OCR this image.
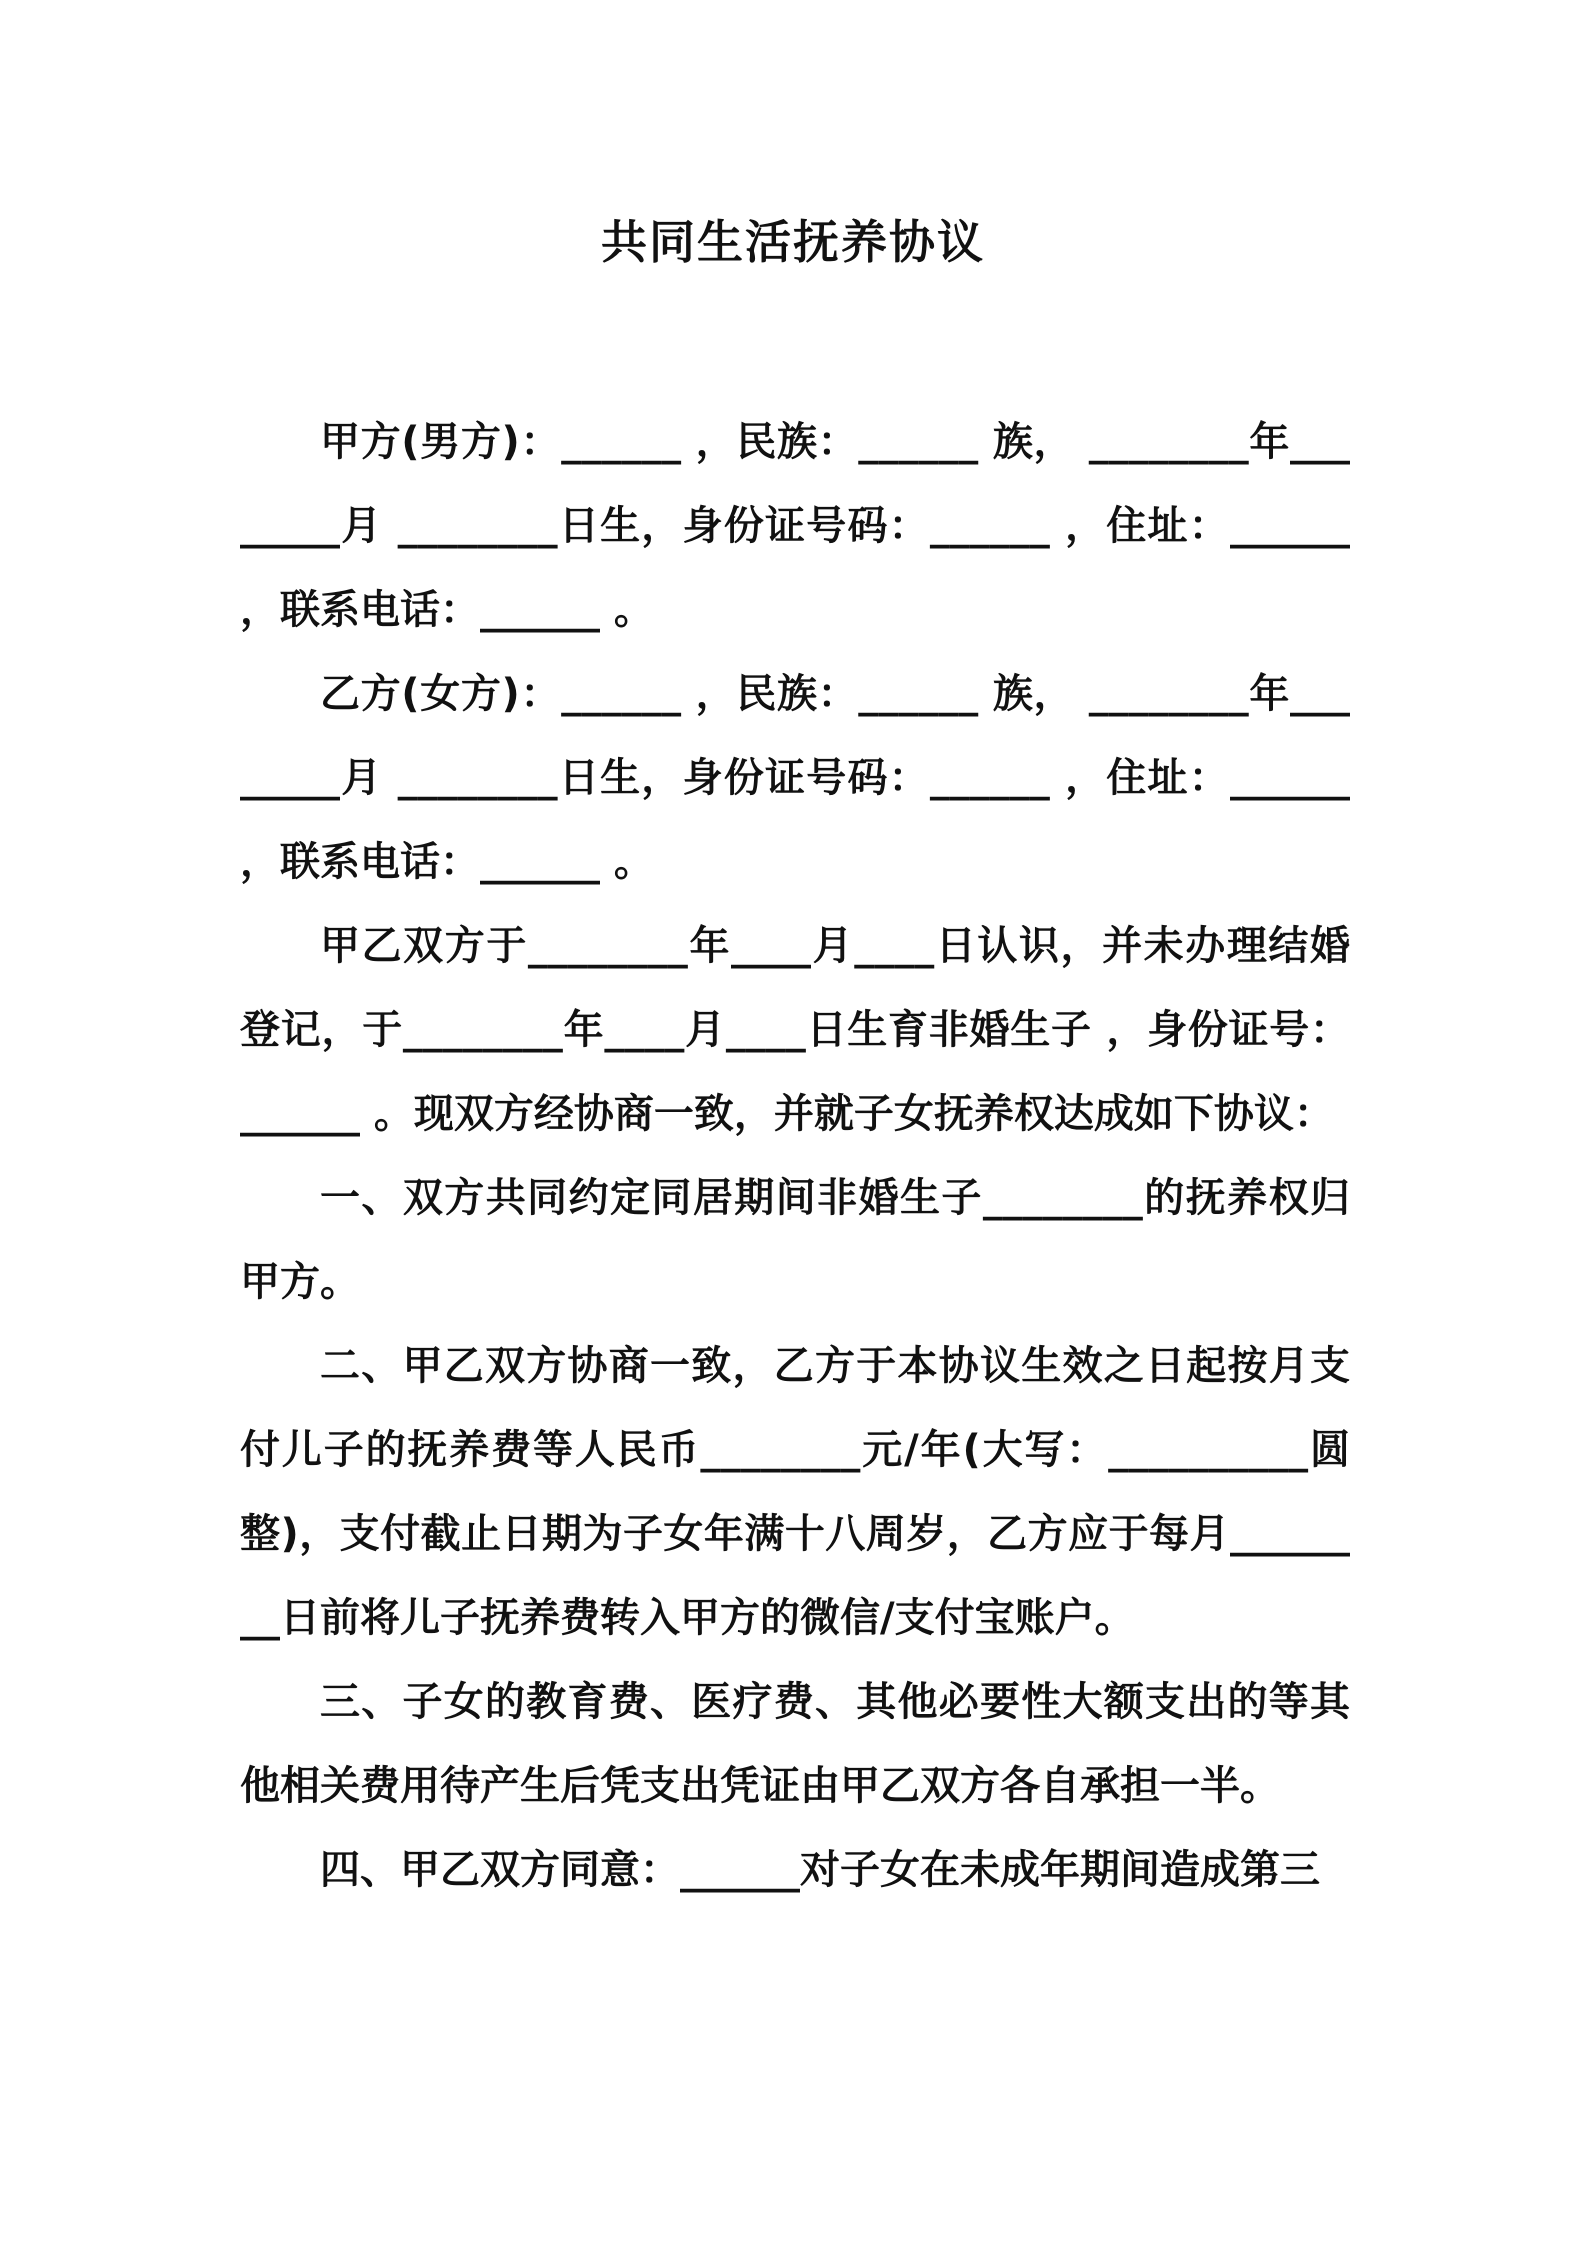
共同生活抚养协议

甲方(男方)：______ ，民族：______ 族， ________年________月 ________日生，身份证号码：______ ，住址：______ ，联系电话：______ 。

乙方(女方)：______ ，民族：______ 族， ________年________月 ________日生，身份证号码：______ ，住址：______ ，联系电话：______ 。

甲乙双方于________年____月____日认识，并未办理结婚登记，于________年____月____日生育非婚生子 ，身份证号：______ 。现双方经协商一致，并就子女抚养权达成如下协议：

一、双方共同约定同居期间非婚生子________的抚养权归甲方。

二、甲乙双方协商一致，乙方于本协议生效之日起按月支付儿子的抚养费等人民币________元/年(大写：__________圆整)，支付截止日期为子女年满十八周岁，乙方应于每月________日前将儿子抚养费转入甲方的微信/支付宝账户。

三、子女的教育费、医疗费、其他必要性大额支出的等其他相关费用待产生后凭支出凭证由甲乙双方各自承担一半。

四、甲乙双方同意：______对子女在未成年期间造成第三
